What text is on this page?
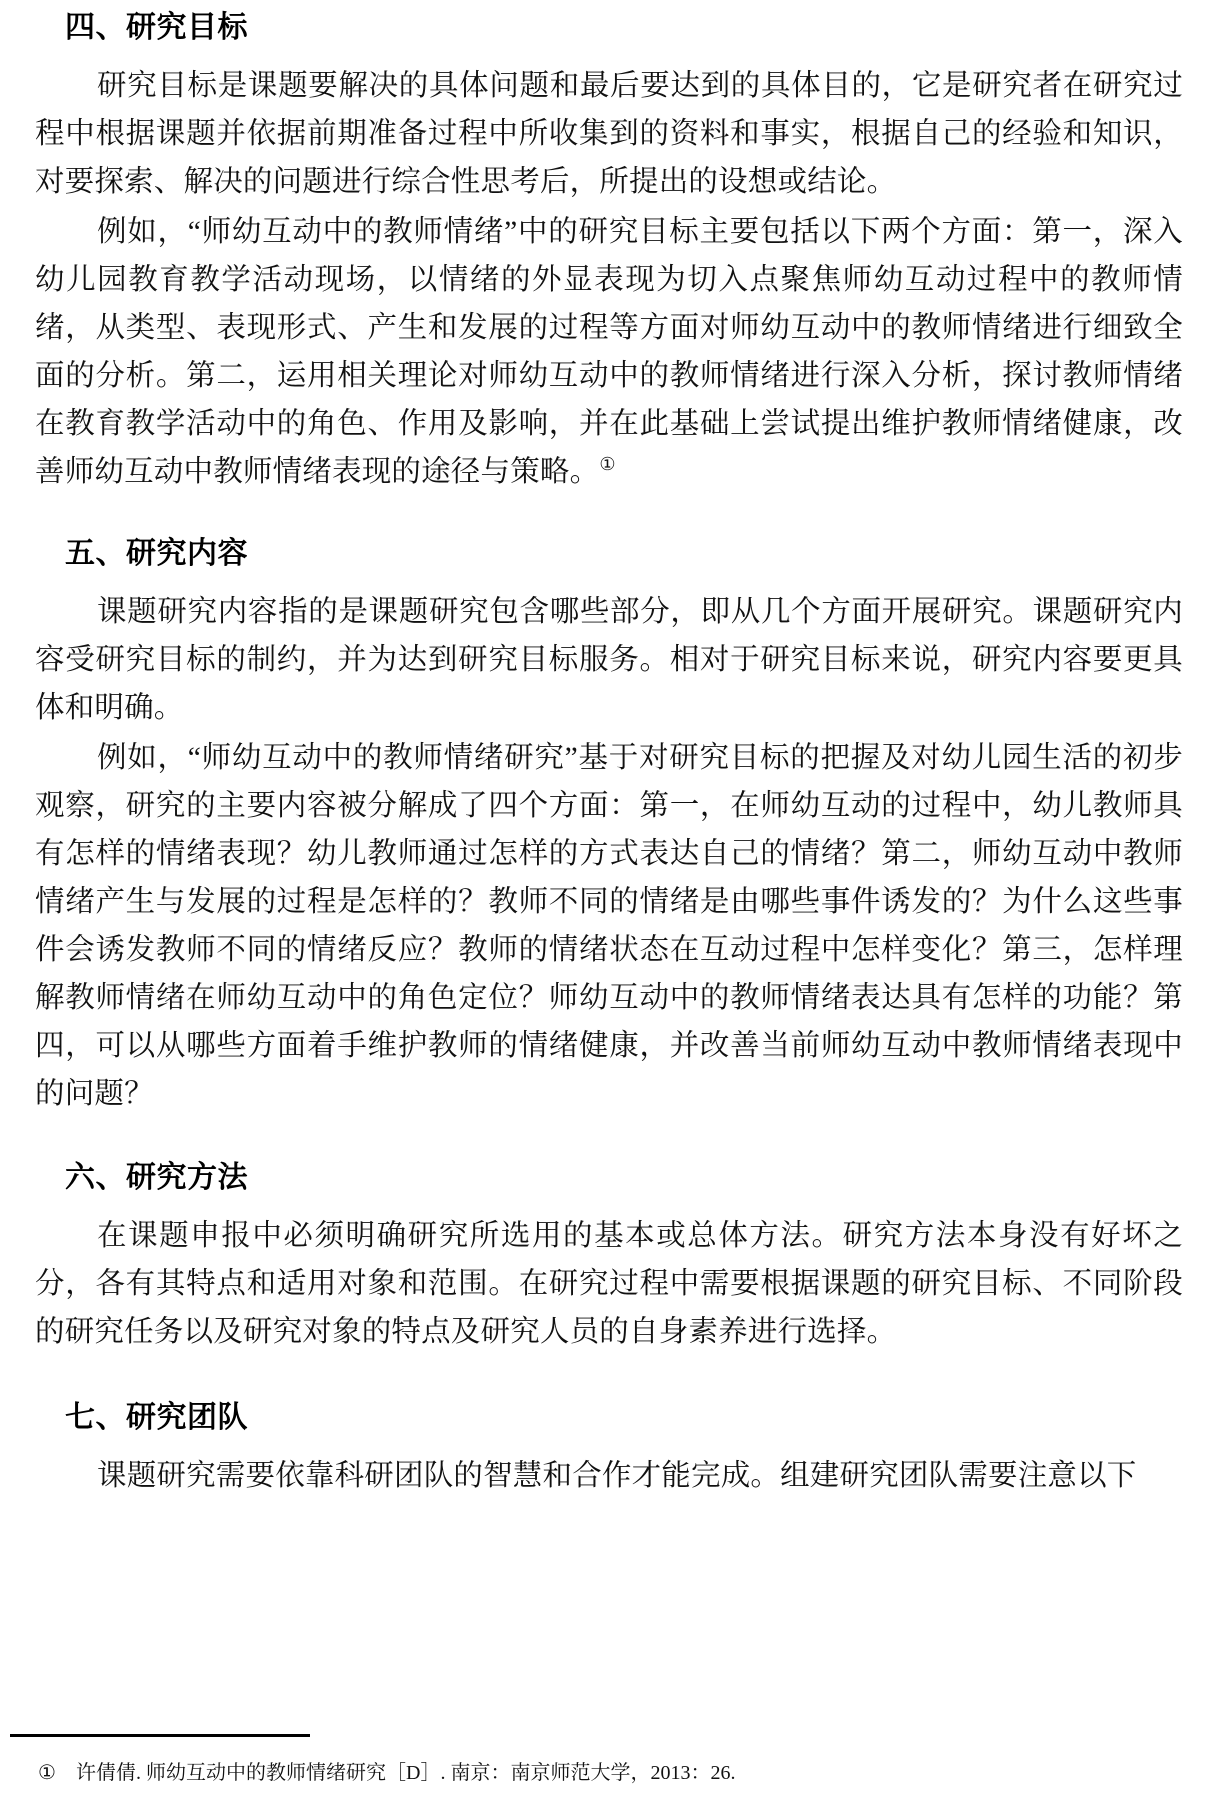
四、研究目标

研究目标是课题要解决的具体问题和最后要达到的具体目的，它是研究者在研究过程中根据课题并依据前期准备过程中所收集到的资料和事实，根据自己的经验和知识，对要探索、解决的问题进行综合性思考后，所提出的设想或结论。

例如，“师幼互动中的教师情绪”中的研究目标主要包括以下两个方面：第一，深入幼儿园教育教学活动现场，以情绪的外显表现为切入点聚焦师幼互动过程中的教师情绪，从类型、表现形式、产生和发展的过程等方面对师幼互动中的教师情绪进行细致全面的分析。第二，运用相关理论对师幼互动中的教师情绪进行深入分析，探讨教师情绪在教育教学活动中的角色、作用及影响，并在此基础上尝试提出维护教师情绪健康，改善师幼互动中教师情绪表现的途径与策略。①

五、研究内容

课题研究内容指的是课题研究包含哪些部分，即从几个方面开展研究。课题研究内容受研究目标的制约，并为达到研究目标服务。相对于研究目标来说，研究内容要更具体和明确。

例如，“师幼互动中的教师情绪研究”基于对研究目标的把握及对幼儿园生活的初步观察，研究的主要内容被分解成了四个方面：第一，在师幼互动的过程中，幼儿教师具有怎样的情绪表现？幼儿教师通过怎样的方式表达自己的情绪？第二，师幼互动中教师情绪产生与发展的过程是怎样的？教师不同的情绪是由哪些事件诱发的？为什么这些事件会诱发教师不同的情绪反应？教师的情绪状态在互动过程中怎样变化？第三，怎样理解教师情绪在师幼互动中的角色定位？师幼互动中的教师情绪表达具有怎样的功能？第四，可以从哪些方面着手维护教师的情绪健康，并改善当前师幼互动中教师情绪表现中的问题？

六、研究方法

在课题申报中必须明确研究所选用的基本或总体方法。研究方法本身没有好坏之分，各有其特点和适用对象和范围。在研究过程中需要根据课题的研究目标、不同阶段的研究任务以及研究对象的特点及研究人员的自身素养进行选择。

七、研究团队

课题研究需要依靠科研团队的智慧和合作才能完成。组建研究团队需要注意以下

① 许倩倩. 师幼互动中的教师情绪研究［D］. 南京：南京师范大学，2013：26.
